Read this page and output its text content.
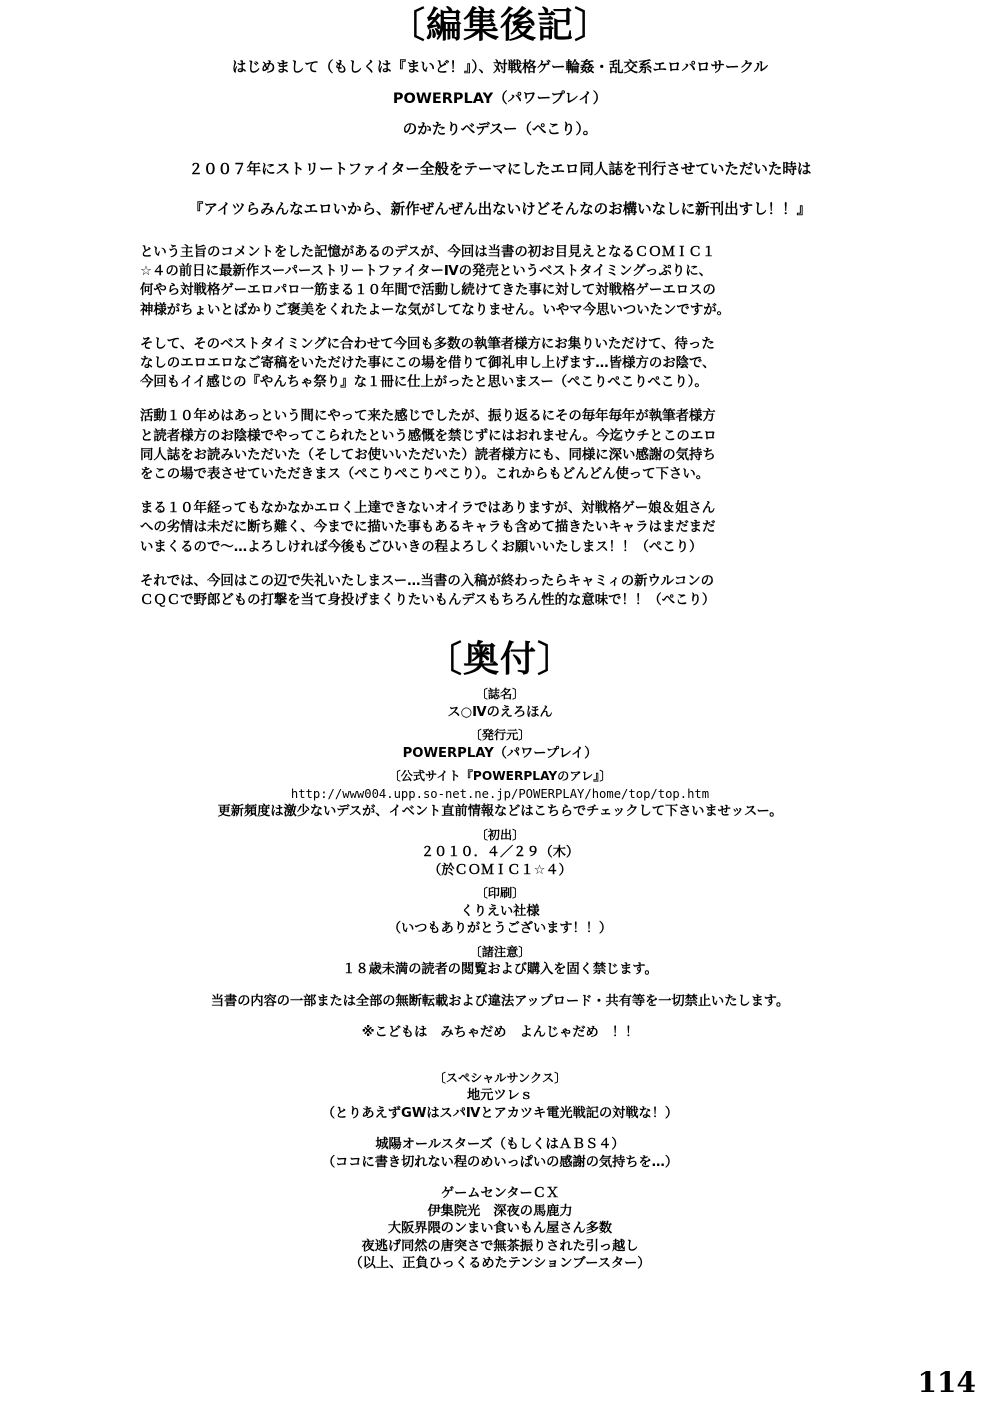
〔編集後記〕

はじめまして（もしくは『まいど！』）、対戦格ゲー輪姦・乱交系エロパロサークル

POWERPLAY（パワープレイ）

のかたりべデスー（ぺこり）。

２００７年にストリートファイター全般をテーマにしたエロ同人誌を刊行させていただいた時は

『アイツらみんなエロいから、新作ぜんぜん出ないけどそんなのお構いなしに新刊出すし！！』

という主旨のコメントをした記憶があるのデスが、今回は当書の初お目見えとなるＣＯＭＩＣ１
☆４の前日に最新作スーパーストリートファイターⅣの発売というベストタイミングっぷりに、
何やら対戦格ゲーエロパロ一筋まる１０年間で活動し続けてきた事に対して対戦格ゲーエロスの
神様がちょいとばかりご褒美をくれたよーな気がしてなりません。いやマ今思いついたンですが。
そして、そのベストタイミングに合わせて今回も多数の執筆者様方にお集りいただけて、待った
なしのエロエロなご寄稿をいただけた事にこの場を借りて御礼申し上げます…皆様方のお陰で、
今回もイイ感じの『やんちゃ祭り』な１冊に仕上がったと思いまスー（ぺこりぺこりぺこり）。
活動１０年めはあっという間にやって来た感じでしたが、振り返るにその毎年毎年が執筆者様方
と読者様方のお陰様でやってこられたという感慨を禁じずにはおれません。今迄ウチとこのエロ
同人誌をお読みいただいた（そしてお使いいただいた）読者様方にも、同様に深い感謝の気持ち
をこの場で表させていただきまス（ぺこりぺこりぺこり）。これからもどんどん使って下さい。
まる１０年経ってもなかなかエロく上達できないオイラではありますが、対戦格ゲー娘＆姐さん
への劣情は未だに断ち難く、今までに描いた事もあるキャラも含めて描きたいキャラはまだまだ
いまくるので～…よろしければ今後もごひいきの程よろしくお願いいたしまス！！（ぺこり）
それでは、今回はこの辺で失礼いたしまスー…当書の入稿が終わったらキャミィの新ウルコンの
ＣＱＣで野郎どもの打撃を当て身投げまくりたいもんデスもちろん性的な意味で！！（ぺこり）
〔奥付〕
〔誌名〕
ス○Ⅳのえろほん
〔発行元〕
POWERPLAY（パワープレイ）
〔公式サイト『POWERPLAYのアレ』〕
http://www004.upp.so-net.ne.jp/POWERPLAY/home/top/top.htm
更新頻度は激少ないデスが、イベント直前情報などはこちらでチェックして下さいませッスー。
〔初出〕
２０１０．４／２９（木）
（於ＣＯＭＩＣ１☆４）
〔印刷〕
くりえい社様
（いつもありがとうございます！！）
〔諸注意〕
１８歳未満の読者の閲覧および購入を固く禁じます。
当書の内容の一部または全部の無断転載および違法アップロード・共有等を一切禁止いたします。
※こどもは　みちゃだめ　よんじゃだめ　！！
〔スペシャルサンクス〕
地元ツレｓ
（とりあえずGWはスパⅣとアカツキ電光戦記の対戦な！）
城陽オールスターズ（もしくはＡＢＳ４）
（ココに書き切れない程のめいっぱいの感謝の気持ちを…）
ゲームセンターＣＸ
伊集院光　深夜の馬鹿力
大阪界隈のンまい食いもん屋さん多数
夜逃げ同然の唐突さで無茶振りされた引っ越し
（以上、正負ひっくるめたテンションブースター）
114
